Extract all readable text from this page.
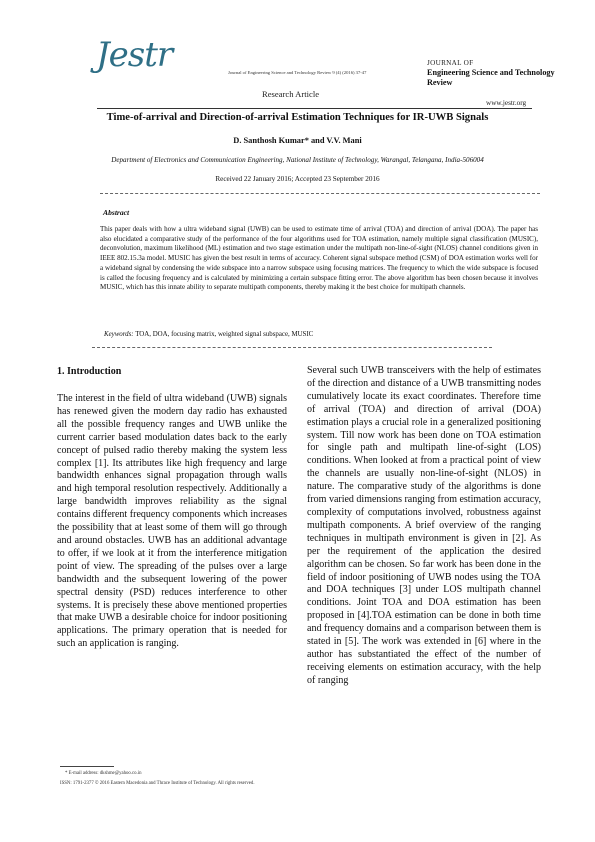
Jestr	Journal of Engineering Science and Technology Review 9 (4) (2016) 37-47
JOURNAL OF
Engineering Science and Technology Review
Research Article
www.jestr.org
Time-of-arrival and Direction-of-arrival Estimation Techniques for IR-UWB Signals
D. Santhosh Kumar* and V.V. Mani
Department of Electronics and Communication Engineering, National Institute of Technology, Warangal, Telangana, India-506004
Received 22 January 2016; Accepted 23 September 2016
Abstract
This paper deals with how a ultra wideband signal (UWB) can be used to estimate time of arrival (TOA) and direction of arrival (DOA). The paper has also elucidated a comparative study of the performance of the four algorithms used for TOA estimation, namely multiple signal classification (MUSIC), deconvolution, maximum likelihood (ML) estimation and two stage estimation under the multipath non-line-of-sight (NLOS) channel conditions given in IEEE 802.15.3a model. MUSIC has given the best result in terms of accuracy. Coherent signal subspace method (CSM) of DOA estimation works well for a wideband signal by condensing the wide subspace into a narrow subspace using focusing matrices. The frequency to which the wide subspace is focused is called the focusing frequency and is calculated by minimizing a certain subspace fitting error. The above algorithm has been chosen because it involves MUSIC, which has this innate ability to separate multipath components, thereby making it the best choice for multipath channels.
Keywords: TOA, DOA, focusing matrix, weighted signal subspace, MUSIC
1. Introduction

The interest in the field of ultra wideband (UWB) signals has renewed given the modern day radio has exhausted all the possible frequency ranges and UWB unlike the current carrier based modulation dates back to the early concept of pulsed radio thereby making the system less complex [1]. Its attributes like high frequency and large bandwidth enhances signal propagation through walls and high temporal resolution respectively. Additionally a large bandwidth improves reliability as the signal contains different frequency components which increases the possibility that at least some of them will go through and around obstacles. UWB has an additional advantage to offer, if we look at it from the interference mitigation point of view. The spreading of the pulses over a large bandwidth and the subsequent lowering of the power spectral density (PSD) reduces interference to other systems. It is precisely these above mentioned properties that make UWB a desirable choice for indoor positioning applications. The primary operation that is needed for such an application is ranging.

Several such UWB transceivers with the help of estimates of the direction and distance of a UWB transmitting nodes cumulatively locate its exact coordinates. Therefore time of arrival (TOA) and direction of arrival (DOA) estimation plays a crucial role in a generalized positioning system. Till now work has been done on TOA estimation for single path and multipath line-of-sight (LOS) conditions. When looked at from a practical point of view the channels are usually non-line-of-sight (NLOS) in nature. The comparative study of the algorithms is done from varied dimensions ranging from estimation accuracy, complexity of computations involved, robustness against multipath components. A brief overview of the ranging techniques in multipath environment is given in [2]. As per the requirement of the application the desired algorithm can be chosen. So far work has been done in the field of indoor positioning of UWB nodes using the TOA and DOA techniques [3] under LOS multipath channel conditions. Joint TOA and DOA estimation has been proposed in [4].TOA estimation can be done in both time and frequency domains and a comparison between them is stated in [5]. The work was extended in [6] where in the author has substantiated the effect of the number of receiving elements on estimation accuracy, with the help of ranging

* E-mail address: dkshme@yahoo.co.in
ISSN: 1791-2377 © 2016 Eastern Macedonia and Thrace Institute of Technology. All rights reserved.
